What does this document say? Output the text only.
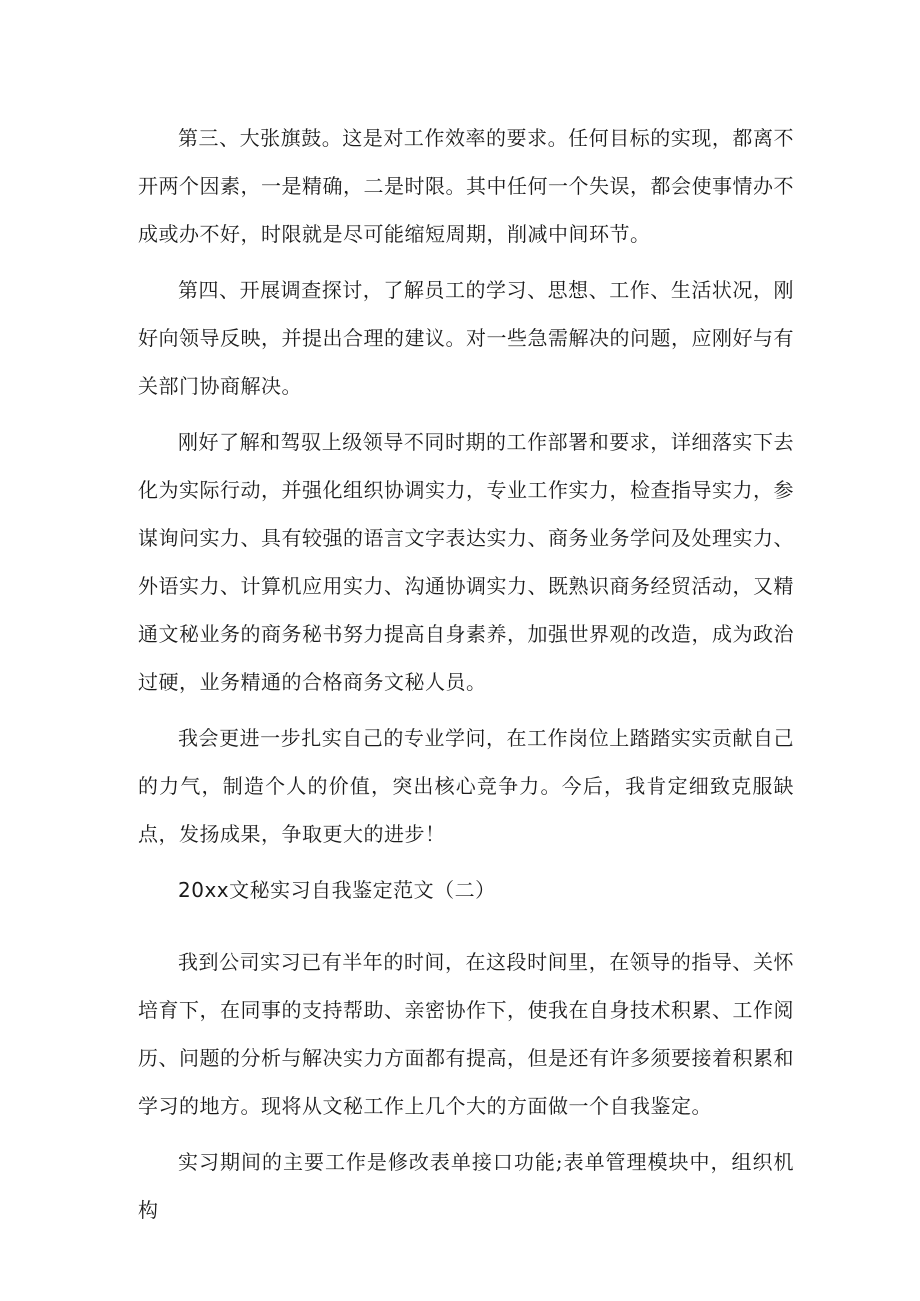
第三、大张旗鼓。这是对工作效率的要求。任何目标的实现，都离不开两个因素，一是精确，二是时限。其中任何一个失误，都会使事情办不成或办不好，时限就是尽可能缩短周期，削减中间环节。

第四、开展调查探讨，了解员工的学习、思想、工作、生活状况，刚好向领导反映，并提出合理的建议。对一些急需解决的问题，应刚好与有关部门协商解决。

刚好了解和驾驭上级领导不同时期的工作部署和要求，详细落实下去化为实际行动，并强化组织协调实力，专业工作实力，检查指导实力，参谋询问实力、具有较强的语言文字表达实力、商务业务学问及处理实力、外语实力、计算机应用实力、沟通协调实力、既熟识商务经贸活动，又精通文秘业务的商务秘书努力提高自身素养，加强世界观的改造，成为政治过硬，业务精通的合格商务文秘人员。

我会更进一步扎实自己的专业学问，在工作岗位上踏踏实实贡献自己的力气，制造个人的价值，突出核心竞争力。今后，我肯定细致克服缺点，发扬成果，争取更大的进步！

20xx文秘实习自我鉴定范文（二）

我到公司实习已有半年的时间，在这段时间里，在领导的指导、关怀培育下，在同事的支持帮助、亲密协作下，使我在自身技术积累、工作阅历、问题的分析与解决实力方面都有提高，但是还有许多须要接着积累和学习的地方。现将从文秘工作上几个大的方面做一个自我鉴定。

实习期间的主要工作是修改表单接口功能;表单管理模块中，组织机构
